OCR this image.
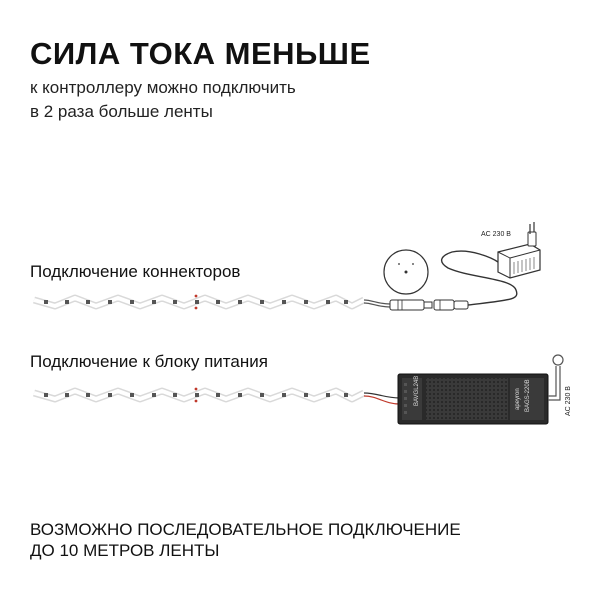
СИЛА ТОКА МЕНЬШЕ
к контроллеру можно подключить
в 2 раза больше ленты
Подключение коннекторов
Подключение к блоку питания
ВОЗМОЖНО ПОСЛЕДОВАТЕЛЬНОЕ ПОДКЛЮЧЕНИЕ
ДО 10 МЕТРОВ ЛЕНТЫ
AC 230 В
BAVGL24B	apeyron BAGS-220B	AC 230 В
